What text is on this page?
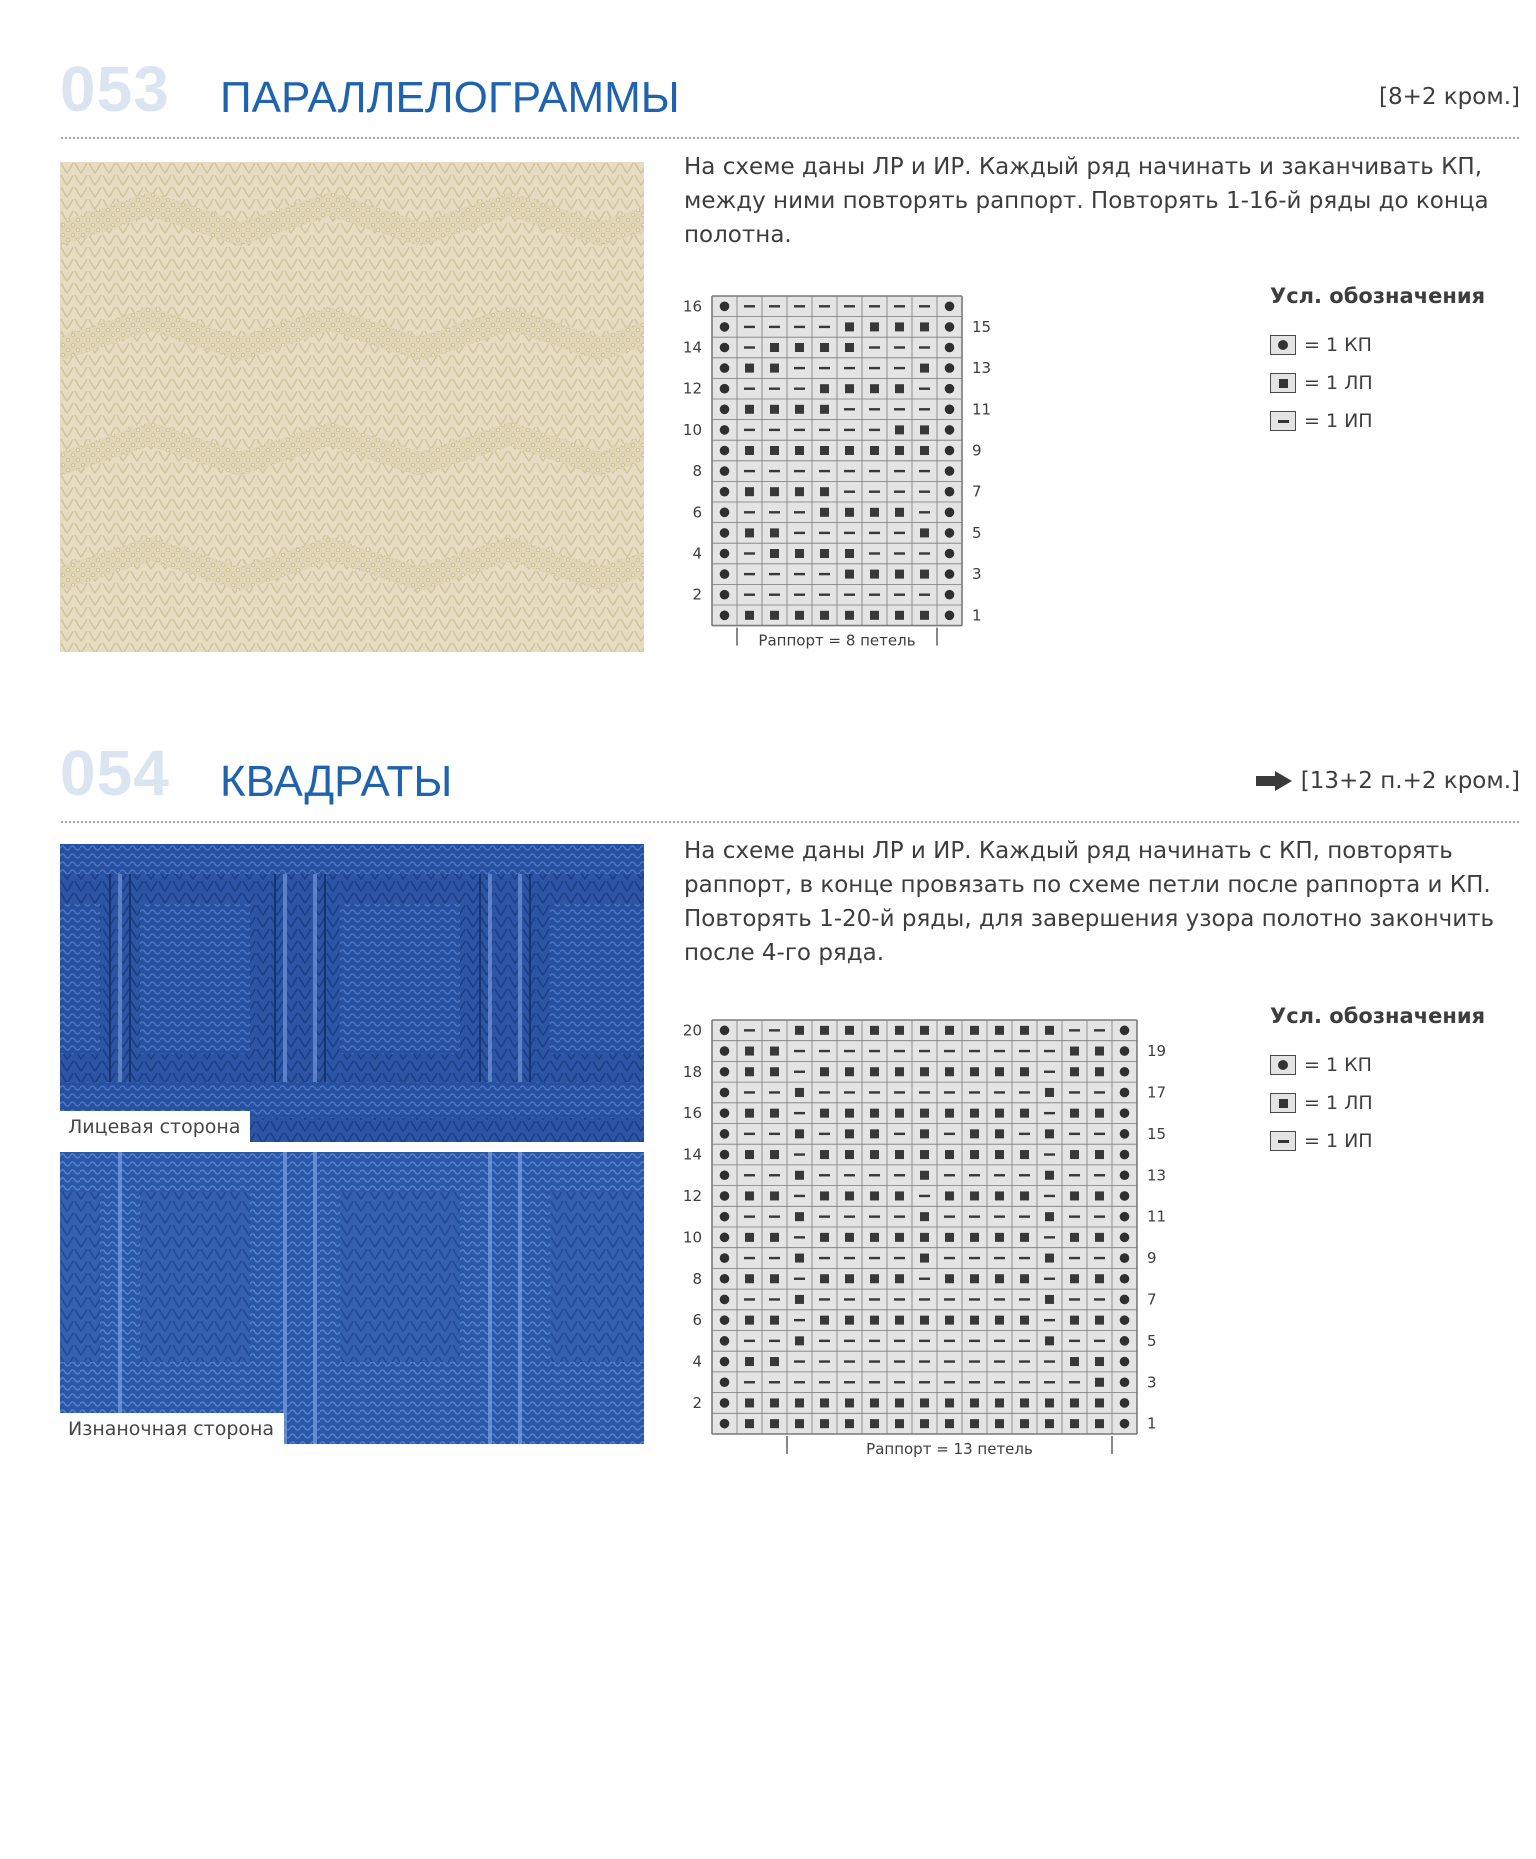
053 ПАРАЛЛЕЛОГРАММЫ	[8+2 кром.]

На схеме даны ЛР и ИР. Каждый ряд начинать и заканчивать КП, между ними повторять раппорт. Повторять 1-16-й ряды до конца полотна.

16
14
12
10
8
6
4
2
15
13
11
9
7
5
3
1
Раппорт = 8 петель
Усл. обозначения
= 1 КП
= 1 ЛП
= 1 ИП
054 КВАДРАТЫ	[13+2 п.+2 кром.]
Лицевая сторона
Изнаночная сторона

На схеме даны ЛР и ИР. Каждый ряд начинать с КП, повторять раппорт, в конце провязать по схеме петли после раппорта и КП. Повторять 1-20-й ряды, для завершения узора полотно закончить после 4-го ряда.

20
18
16
14
12
10
8
6
4
2
19
17
15
13
11
9
7
5
3
1
Раппорт = 13 петель
Усл. обозначения
= 1 КП
= 1 ЛП
= 1 ИП
